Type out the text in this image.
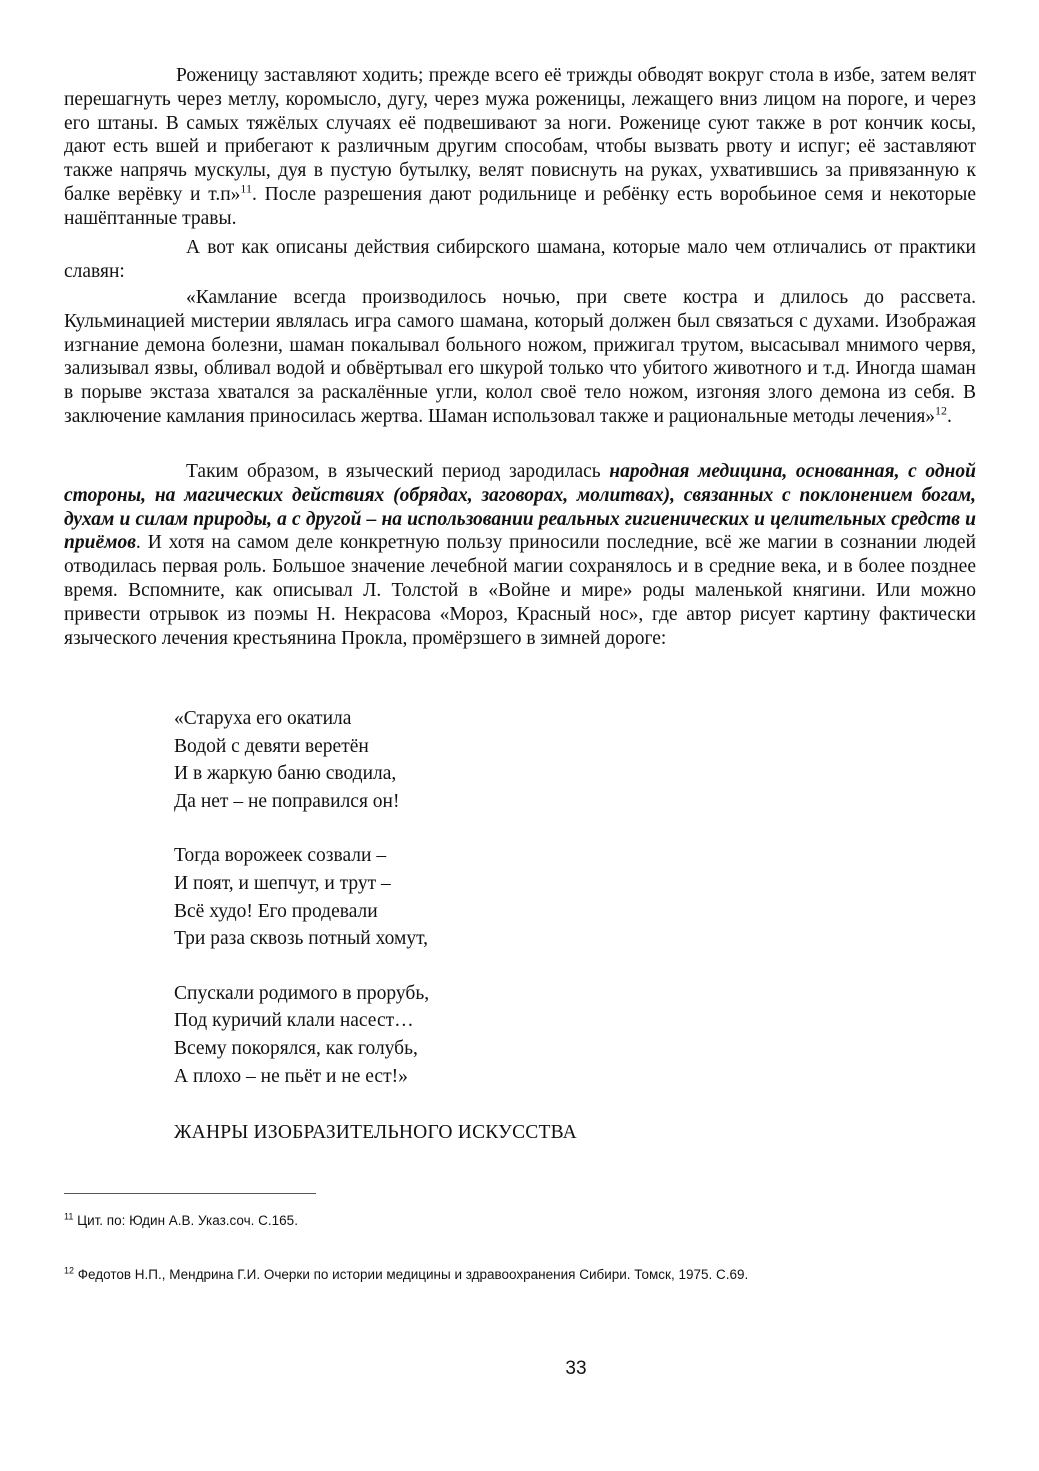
Роженицу заставляют ходить; прежде всего её трижды обводят вокруг стола в избе, затем велят перешагнуть через метлу, коромысло, дугу, через мужа роженицы, лежащего вниз лицом на пороге, и через его штаны. В самых тяжёлых случаях её подвешивают за ноги. Роженице суют также в рот кончик косы, дают есть вшей и прибегают к различным другим способам, чтобы вызвать рвоту и испуг; её заставляют также напрячь мускулы, дуя в пустую бутылку, велят повиснуть на руках, ухватившись за привязанную к балке верёвку и т.п»$^{11}$. После разрешения дают родильнице и ребёнку есть воробьиное семя и некоторые нашёптанные травы.

А вот как описаны действия сибирского шамана, которые мало чем отличались от практики славян:

«Камлание всегда производилось ночью, при свете костра и длилось до рассвета. Кульминацией мистерии являлась игра самого шамана, который должен был связаться с духами. Изображая изгнание демона болезни, шаман покалывал больного ножом, прижигал трутом, высасывал мнимого червя, зализывал язвы, обливал водой и обвёртывал его шкурой только что убитого животного и т.д. Иногда шаман в порыве экстаза хватался за раскалённые угли, колол своё тело ножом, изгоняя злого демона из себя. В заключение камлания приносилась жертва. Шаман использовал также и рациональные методы лечения»$^{12}$.

Таким образом, в языческий период зародилась народная медицина, основанная, с одной стороны, на магических действиях (обрядах, заговорах, молитвах), связанных с поклонением богам, духам и силам природы, а с другой – на использовании реальных гигиенических и целительных средств и приёмов. И хотя на самом деле конкретную пользу приносили последние, всё же магии в сознании людей отводилась первая роль. Большое значение лечебной магии сохранялось и в средние века, и в более позднее время. Вспомните, как описывал Л. Толстой в «Войне и мире» роды маленькой княгини. Или можно привести отрывок из поэмы Н. Некрасова «Мороз, Красный нос», где автор рисует картину фактически языческого лечения крестьянина Прокла, промёрзшего в зимней дороге:

«Старуха его окатила
Водой с девяти веретён
И в жаркую баню сводила,
Да нет – не поправился он!
Тогда ворожеек созвали –
И поят, и шепчут, и трут –
Всё худо! Его продевали
Три раза сквозь потный хомут,
Спускали родимого в прорубь,
Под куричий клали насест…
Всему покорялся, как голубь,
А плохо – не пьёт и не ест!»
ЖАНРЫ ИЗОБРАЗИТЕЛЬНОГО ИСКУССТВА

$^{11}$ Цит. по: Юдин А.В. Указ.соч. С.165.

$^{12}$ Федотов Н.П., Мендрина Г.И. Очерки по истории медицины и здравоохранения Сибири. Томск, 1975. С.69.

33
